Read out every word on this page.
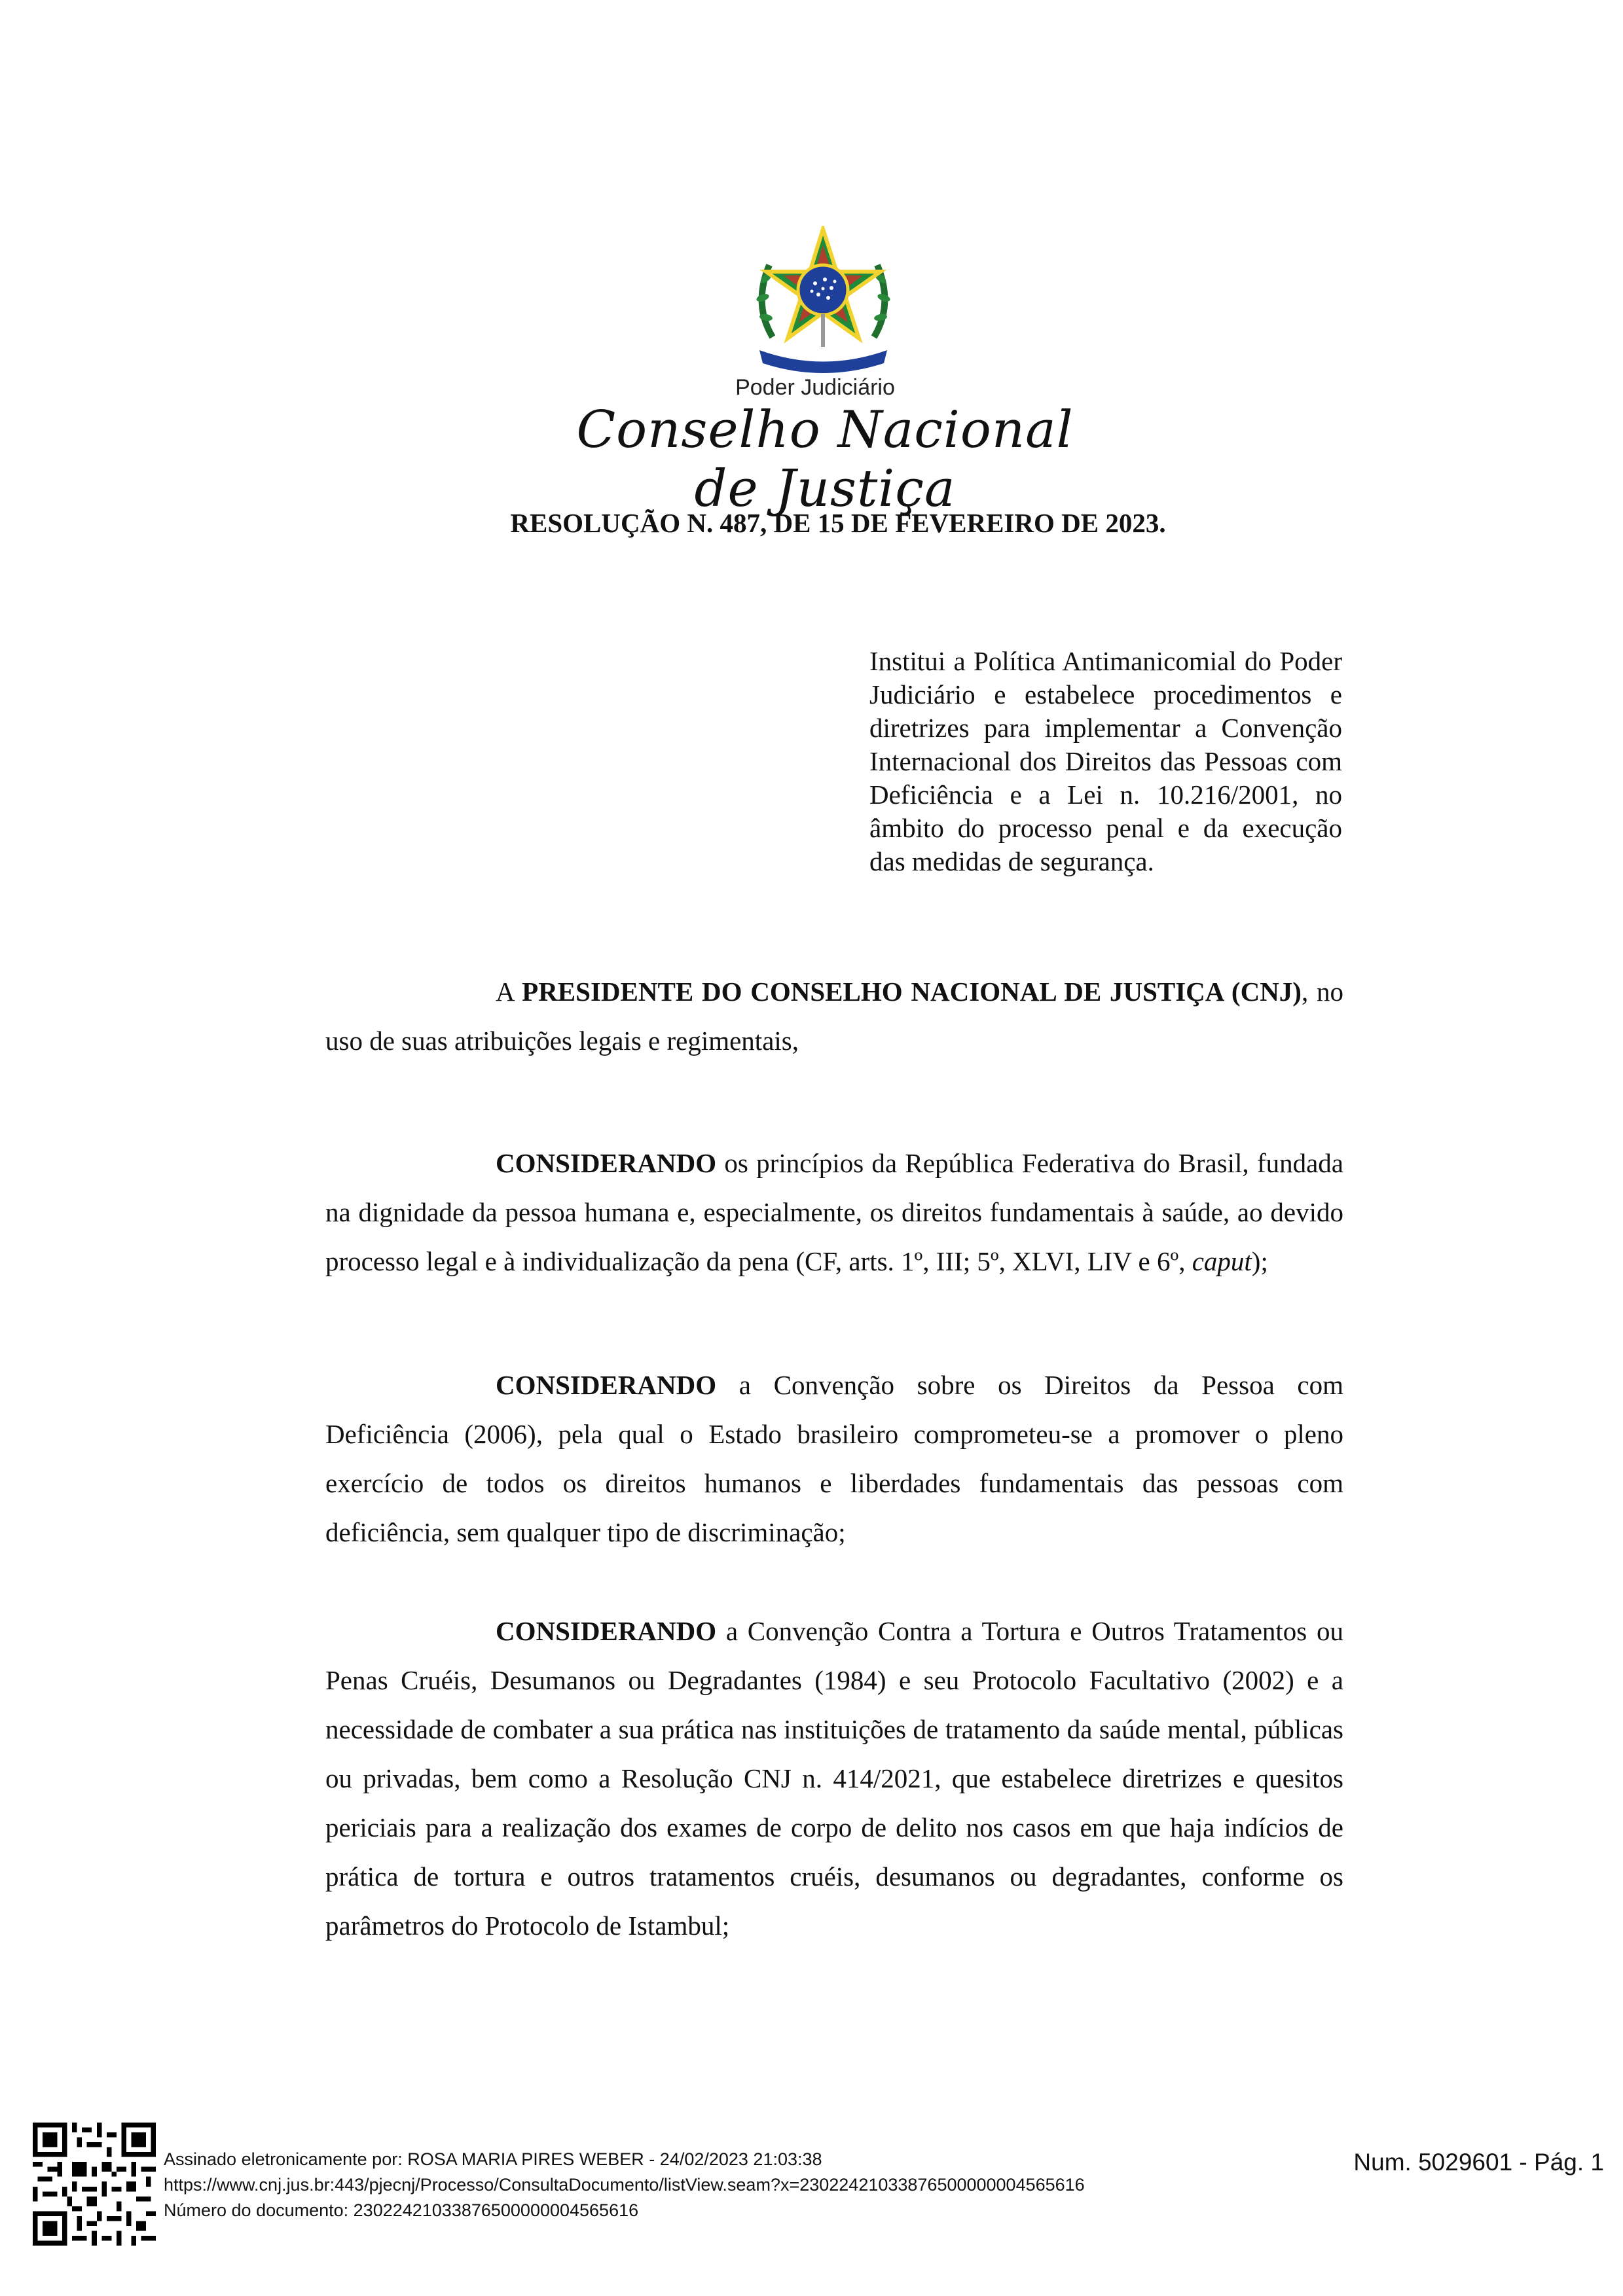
Poder Judiciário
Conselho Nacional de Justiça
RESOLUÇÃO N. 487, DE 15 DE FEVEREIRO DE 2023.
Institui a Política Antimanicomial do Poder Judiciário e estabelece procedimentos e diretrizes para implementar a Convenção Internacional dos Direitos das Pessoas com Deficiência e a Lei n. 10.216/2001, no âmbito do processo penal e da execução das medidas de segurança.

A PRESIDENTE DO CONSELHO NACIONAL DE JUSTIÇA (CNJ), no uso de suas atribuições legais e regimentais,

CONSIDERANDO os princípios da República Federativa do Brasil, fundada na dignidade da pessoa humana e, especialmente, os direitos fundamentais à saúde, ao devido processo legal e à individualização da pena (CF, arts. 1º, III; 5º, XLVI, LIV e 6º, caput);

CONSIDERANDO a Convenção sobre os Direitos da Pessoa com Deficiência (2006), pela qual o Estado brasileiro comprometeu-se a promover o pleno exercício de todos os direitos humanos e liberdades fundamentais das pessoas com deficiência, sem qualquer tipo de discriminação;

CONSIDERANDO a Convenção Contra a Tortura e Outros Tratamentos ou Penas Cruéis, Desumanos ou Degradantes (1984) e seu Protocolo Facultativo (2002) e a necessidade de combater a sua prática nas instituições de tratamento da saúde mental, públicas ou privadas, bem como a Resolução CNJ n. 414/2021, que estabelece diretrizes e quesitos periciais para a realização dos exames de corpo de delito nos casos em que haja indícios de prática de tortura e outros tratamentos cruéis, desumanos ou degradantes, conforme os parâmetros do Protocolo de Istambul;

Assinado eletronicamente por: ROSA MARIA PIRES WEBER - 24/02/2023 21:03:38
https://www.cnj.jus.br:443/pjecnj/Processo/ConsultaDocumento/listView.seam?x=23022421033876500000004565616
Número do documento: 23022421033876500000004565616
Num. 5029601 - Pág. 1
